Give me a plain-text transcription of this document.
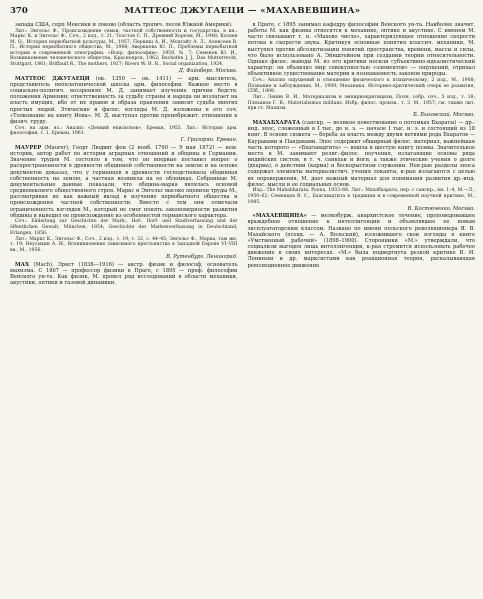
370	МАТТЕОС ДЖУГАЕЦИ — «МАХАВЕВШИНА»

запада США, серп Мексики и локово (область тропич. лесов Южной Америки).

Лит.: Энгельс Ф., Происхождение семьи, частной собственности и государства, в кн.: Маркс К. и Энгельс Ф., Соч., 2 изд., т. 21; Толстов С. П., Древний Хорезм, М., 1948; Косвен М. О., История первобытной культуры, М., 1957; Першиц А. И., Монгайт А. Л., Алексеев В. П., История первобытного общества, М., 1968; Аверкиева Ю. П., Проблемы первобытной истории в современной этнографии, «Вопр. философии», 1959, № 7; Семенов Ю. И., Возникновение человеческого общества, Красноярск, 1962; Bachofen J. J., Das Mutterrecht, Stuttgart, 1861; Briffault R., The mothers, 1927; Rivers W. H. R., Social organization, 1924.

Д. Файнберг. Москва.

МАТТЕОС ДЖУГАЕЦИ (ок. 1350 — ок. 1411) — арм. мыслитель, представитель неоплатонической школы арм. философии. Важное место в социально-политич. воззрениях М. Д. занимает изучение причин бедств. положения Армении; ответственность за судьбу страны и народа он возлагает на власть имущих, ибо от их правов и образа правления зависит судьба многих простых людей. Этические и филос. взгляды М. Д. изложены в его соч. «Толкование на книгу Иова». М. Д. выступал против пренебрежит. отношения к физич. труду.

Соч. на арм. яз.: Анализ «Деяний епископов», Ереван, 1955. Лит.: История арм. философии, т. 1, Ереван, 1961.

Г. Григорян. Ереван.

МАУРЕР (Maurer), Георг Людвиг фон (2 нояб. 1790 — 9 мая 1872) — нем. историк, автор работ по истории аграрных отношений и общины в Германии. Значение трудов М. состояло в том, что он впервые поставил вопрос о распространенности в древности общинной собственности на землю и на основе документов доказал, что у германцев в древности господствовала общинная собственность на землю, а частная возникла на ее обломках. Собранные М. документальные данные показали, что община-марка являлась основой средневекового общественного строя. Маркс и Энгельс высоко оценили труды М., рассматривая их как важный вклад в изучение первобытного общества и происхождения частной собственности. Вместе с тем они отмечали ограниченность взглядов М., который не смог понять закономерности развития общины и выводил ее происхождение из особенностей германского характера.

Соч.: Einleitung zur Geschichte der Mark-, Hof-, Dorf- und Stadtverfassung und der öffentlichen Gewalt, München, 1854; Geschichte der Markenverfassung in Deutschland, Erlangen, 1856.

Лит.: Маркс К., Энгельс Ф., Соч., 2 изд., т. 19; т. 32, с. 44–45; Энгельс Ф., Марка, там же, т. 19; Неусыхин А. И., Возникновение зависимого крестьянства в Западной Европе VI–VIII вв., М., 1956.

В. Рутенбург. Ленинград.

МАХ (Mach), Эрнст (1838—1916) — австр. физик и философ, основатель махизма. С 1867 — профессор физики в Праге, с 1895 — проф. философии Венского ун-та. Как физик, М. провел ряд исследований в области механики, акустики, оптики и газовой динамики.

в Праге, с 1895 занимал кафедру философии Венского ун-та. Наиболее значит. работы М. как физика относятся к механике, оптике и акустике. С именем М. часто связывают т. н. «Махово число», характеризующее отношение скорости потока к скорости звука. Критикуя основные понятия классич. механики, М. выступил против абсолютизации понятий пространства, времени, массы и силы, что было использовано А. Эйнштейном при создании теории относительности. Однако филос. выводы М. из его критики носили субъективно-идеалистический характер: он объявлял мир совокупностью «элементов» — ощущений, отрицал объективное существование материи и познаваемость законов природы.

Соч.: Анализ ощущений и отношение физического к психическому, 2 изд., М., 1908; Познание и заблуждение, М., 1909; Механика. Историко-критический очерк ее развития, СПб., 1909.

Лит.: Ленин В. И., Материализм и эмпириокритицизм, Полн. собр. соч., 5 изд., т. 18; Плеханов Г. В., Materialismus militans, Избр. филос. произв., т. 3, М., 1957; см. также лит. при ст. Махизм.

Б. Быховский. Москва.

МАХАБХАРАТА (санскр. — великое повествование о потомках Бхараты) — др.-инд. эпос, сложенный в I тыс. до н. э. — начале I тыс. н. э. и состоящий из 18 книг. В основе сюжета — борьба за власть между двумя ветвями рода Бхаратов — Кауравами и Пандавами. Эпос содержит обширный филос. материал, важнейшая часть которого — «Бхагавадгита» — вошла в шестую книгу поэмы. Значительное место в М. занимают религ.-филос. поучения, излагающие основы ряда индийских систем, в т. ч. санкхьи и йоги, а также этические учения о долге (дхарма), о действии (карма) и бескорыстном служении. Нек-рые разделы эпоса содержат элементы материалистич. учения локаяты, к-рые излагаются с целью их опровержения. М. дает важный материал для понимания развития др.-инд. филос. мысли и ее социальных основ.

Изд.: The Mahabharata, Poona, 1933–66. Лит.: Махабхарата, пер. с санскр., кн. 1–4, М.—Л., 1950–62; Семенцов В. С., Бхагавадгита в традиции и в современной научной критике, М., 1985.

В. Костюченко. Москва.

«МАХАЕВЩИНА» — мелкобурж. анархистское течение, проповедовавшее враждебное отношение к интеллигенции и объявлявшее ее новым эксплуататорским классом. Названо по имени польского революционера Я. В. Махайского (псевд. — А. Вольский), изложившего свои взгляды в книге «Умственный рабочий» (1898–1900). Сторонники «М.» утверждали, что социализм выгоден лишь интеллигенции, к-рая стремится использовать рабочее движение в своих интересах. «М.» была подвергнута резкой критике В. И. Лениным и др. марксистами как реакционная теория, раскалывающая революционное движение.
